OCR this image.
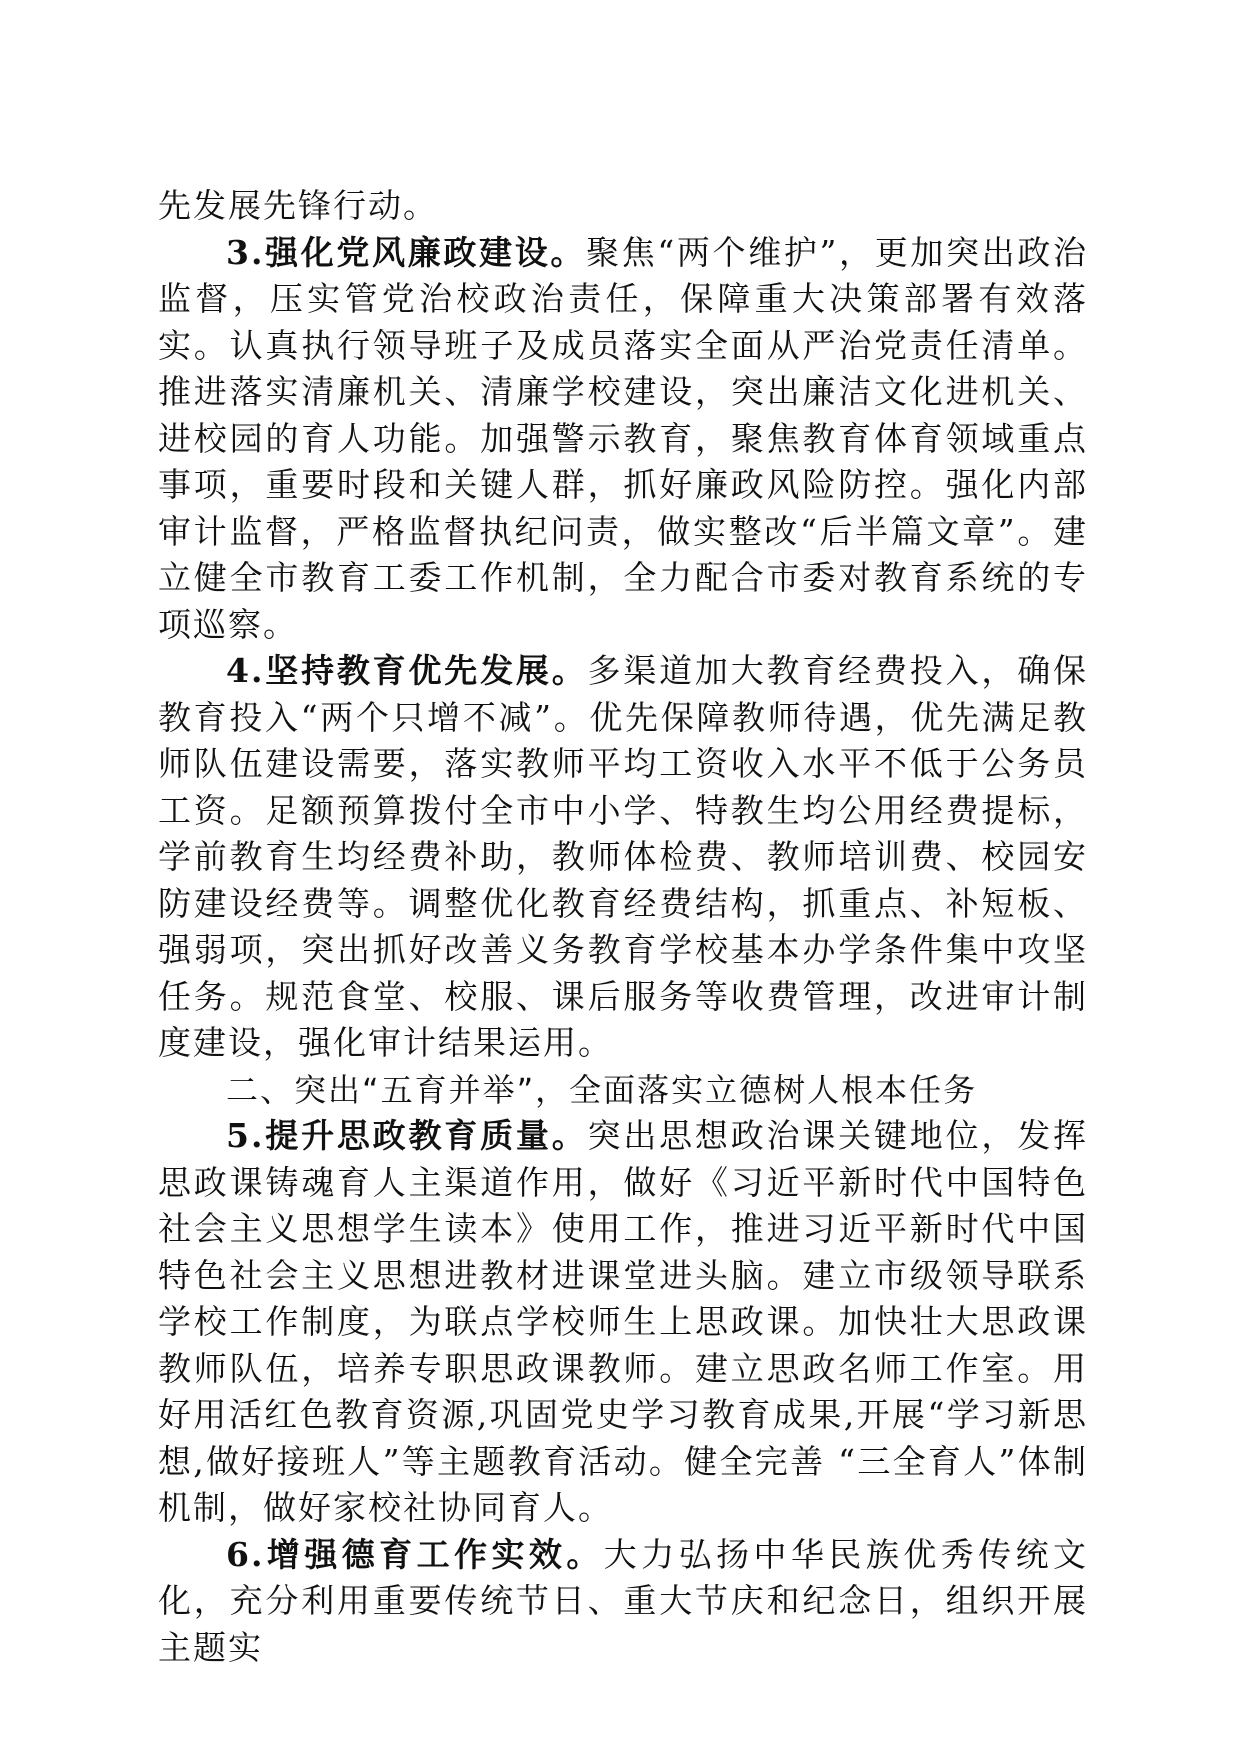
先发展先锋行动。

3.强化党风廉政建设。聚焦“两个维护”，更加突出政治监督，压实管党治校政治责任，保障重大决策部署有效落实。认真执行领导班子及成员落实全面从严治党责任清单。推进落实清廉机关、清廉学校建设，突出廉洁文化进机关、进校园的育人功能。加强警示教育，聚焦教育体育领域重点事项，重要时段和关键人群，抓好廉政风险防控。强化内部审计监督，严格监督执纪问责，做实整改“后半篇文章”。建立健全市教育工委工作机制，全力配合市委对教育系统的专项巡察。

4.坚持教育优先发展。多渠道加大教育经费投入，确保教育投入“两个只增不减”。优先保障教师待遇，优先满足教师队伍建设需要，落实教师平均工资收入水平不低于公务员工资。足额预算拨付全市中小学、特教生均公用经费提标，学前教育生均经费补助，教师体检费、教师培训费、校园安防建设经费等。调整优化教育经费结构，抓重点、补短板、强弱项，突出抓好改善义务教育学校基本办学条件集中攻坚任务。规范食堂、校服、课后服务等收费管理，改进审计制度建设，强化审计结果运用。

二、突出“五育并举”，全面落实立德树人根本任务

5.提升思政教育质量。突出思想政治课关键地位，发挥思政课铸魂育人主渠道作用，做好《习近平新时代中国特色社会主义思想学生读本》使用工作，推进习近平新时代中国特色社会主义思想进教材进课堂进头脑。建立市级领导联系学校工作制度，为联点学校师生上思政课。加快壮大思政课教师队伍，培养专职思政课教师。建立思政名师工作室。用好用活红色教育资源,巩固党史学习教育成果,开展“学习新思想,做好接班人”等主题教育活动。健全完善 “三全育人”体制机制，做好家校社协同育人。

6.增强德育工作实效。大力弘扬中华民族优秀传统文化，充分利用重要传统节日、重大节庆和纪念日，组织开展主题实
